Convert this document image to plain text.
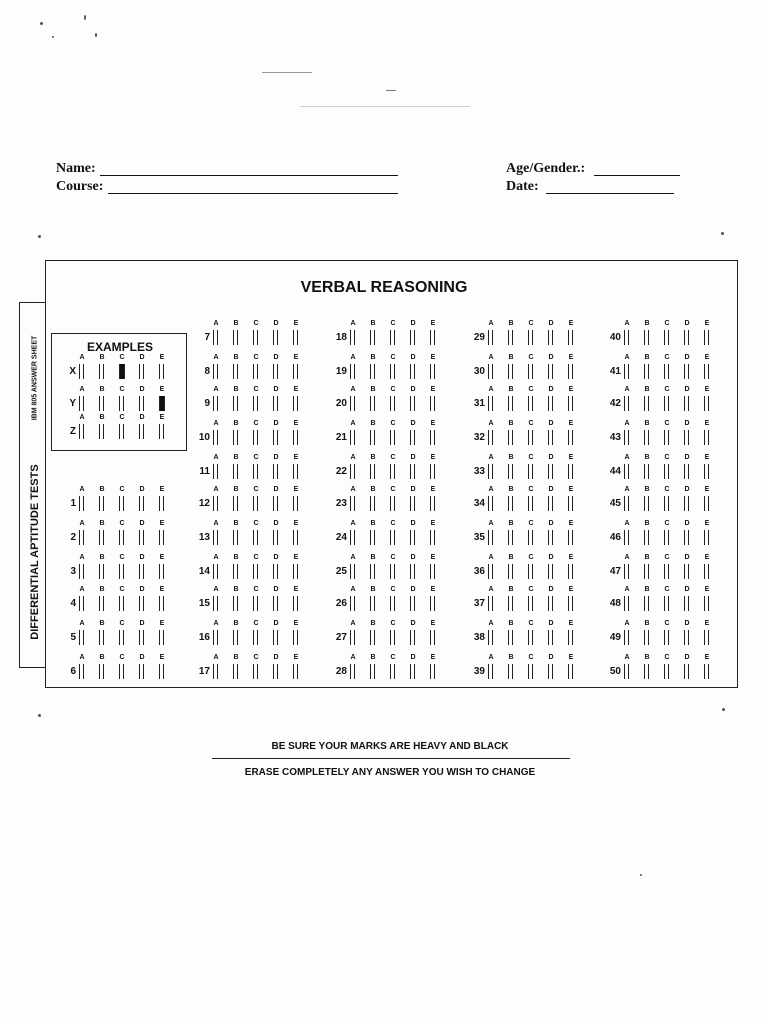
Name:
Course:
Age/Gender.:
Date:
IBM 805 ANSWER SHEET
DIFFERENTIAL APTITUDE TESTS
VERBAL REASONING
EXAMPLES
7
A	B	C	D	E
8
A	B	C	D	E
9
A	B	C	D	E
10
A	B	C	D	E
11
A	B	C	D	E
12
A	B	C	D	E
13
A	B	C	D	E
14
A	B	C	D	E
15
A	B	C	D	E
16
A	B	C	D	E
17
A	B	C	D	E
18
A	B	C	D	E
19
A	B	C	D	E
20
A	B	C	D	E
21
A	B	C	D	E
22
A	B	C	D	E
23
A	B	C	D	E
24
A	B	C	D	E
25
A	B	C	D	E
26
A	B	C	D	E
27
A	B	C	D	E
28
A	B	C	D	E
29
A	B	C	D	E
30
A	B	C	D	E
31
A	B	C	D	E
32
A	B	C	D	E
33
A	B	C	D	E
34
A	B	C	D	E
35
A	B	C	D	E
36
A	B	C	D	E
37
A	B	C	D	E
38
A	B	C	D	E
39
A	B	C	D	E
40
A	B	C	D	E
41
A	B	C	D	E
42
A	B	C	D	E
43
A	B	C	D	E
44
A	B	C	D	E
45
A	B	C	D	E
46
A	B	C	D	E
47
A	B	C	D	E
48
A	B	C	D	E
49
A	B	C	D	E
50
A	B	C	D	E
1
A	B	C	D	E
2
A	B	C	D	E
3
A	B	C	D	E
4
A	B	C	D	E
5
A	B	C	D	E
6
A	B	C	D	E
X
A	B	C	D	E
Y
A	B	C	D	E
Z
A	B	C	D	E
BE SURE YOUR MARKS ARE HEAVY AND BLACK
ERASE COMPLETELY ANY ANSWER YOU WISH TO CHANGE
